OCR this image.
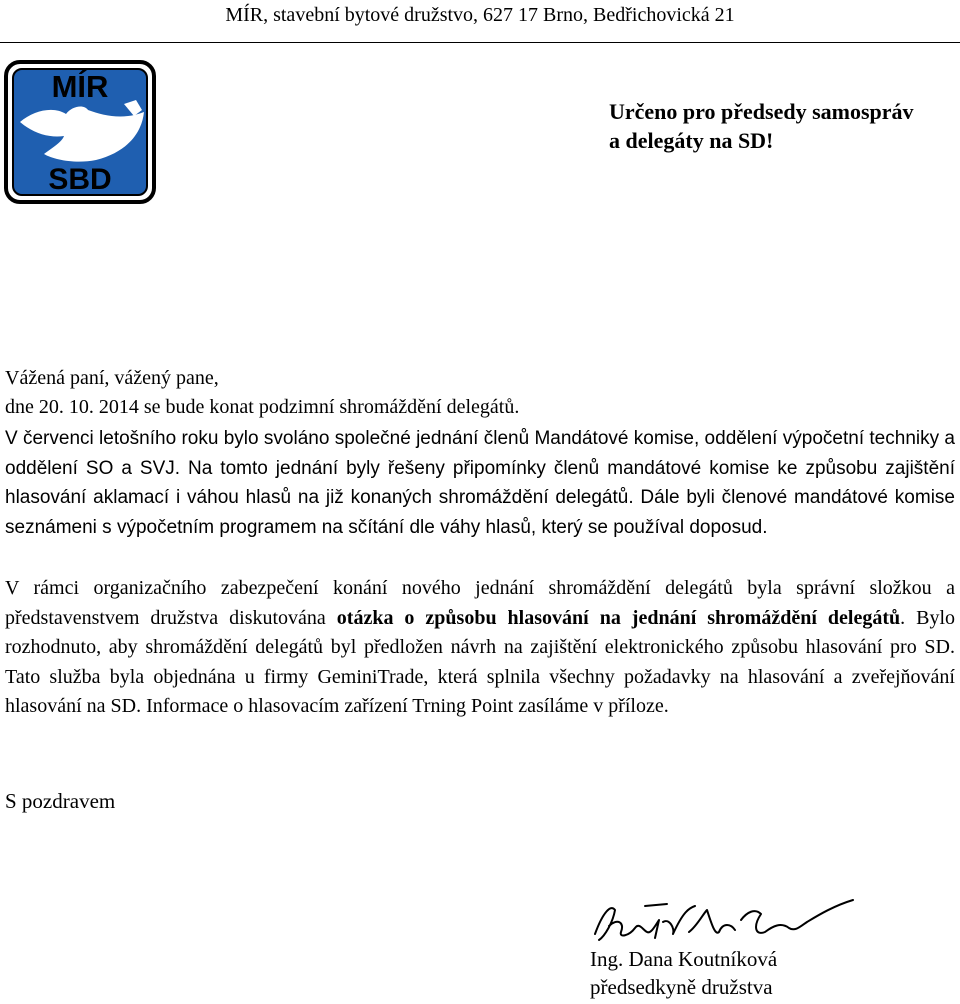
MÍR, stavební bytové družstvo, 627 17 Brno, Bedřichovická 21
MÍR
SBD
Určeno pro předsedy samospráv
a delegáty na SD!
Vážená paní, vážený pane,
dne 20. 10. 2014 se bude konat podzimní shromáždění delegátů.
V červenci letošního roku bylo svoláno společné jednání členů Mandátové komise, oddělení výpočetní techniky a oddělení SO a SVJ. Na tomto jednání byly řešeny připomínky členů mandátové komise ke způsobu zajištění hlasování aklamací i váhou hlasů na již konaných shromáždění delegátů. Dále byli členové mandátové komise seznámeni s výpočetním programem na sčítání dle váhy hlasů, který se používal doposud.
V rámci organizačního zabezpečení konání nového jednání shromáždění delegátů byla správní složkou a představenstvem družstva diskutována otázka o způsobu hlasování na jednání shromáždění delegátů. Bylo rozhodnuto, aby shromáždění delegátů byl předložen návrh na zajištění elektronického způsobu hlasování pro SD. Tato služba byla objednána u firmy GeminiTrade, která splnila všechny požadavky na hlasování a zveřejňování hlasování na SD. Informace o hlasovacím zařízení Trning Point zasíláme v příloze.
S pozdravem
Ing. Dana Koutníková
předsedkyně družstva
